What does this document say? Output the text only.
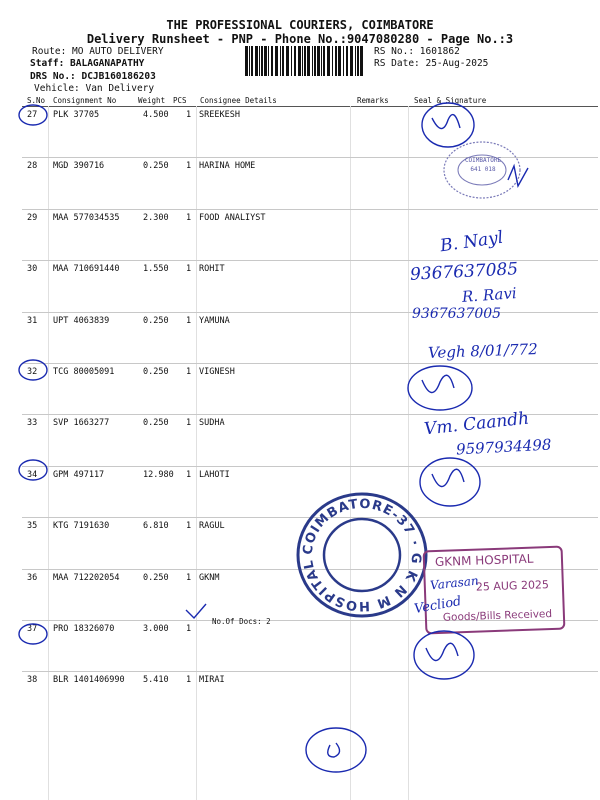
THE PROFESSIONAL COURIERS, COIMBATORE
Delivery Runsheet - PNP - Phone No.:9047080280 - Page No.:3
Route: MO AUTO DELIVERY
Staff: BALAGANAPATHY
DRS No.: DCJB160186203
Vehicle: Van Delivery
RS No.: 1601862
RS Date: 25-Aug-2025
S.No Consignment No	Weight PCS Consignee Details	Remarks	Seal & Signature
27 PLK 37705	4.500 1 SREEKESH
28 MGD 390716	0.250 1 HARINA HOME
29 MAA 577034535	2.300 1 FOOD ANALIYST
30 MAA 710691440	1.550 1 ROHIT
31 UPT 4063839	0.250 1 YAMUNA
32 TCG 80005091	0.250 1 VIGNESH
33 SVP 1663277	0.250 1 SUDHA
34 GPM 497117	12.980 1 LAHOTI
35 KTG 7191630	6.810 1 RAGUL
36 MAA 712202054	0.250 1 GKNM
37 PRO 18326070	3.000 1
38 BLR 1401406990 5.410 1 MIRAI
No.Of Docs: 2
COIMBATORE 641 018
COIMBATORE-37 · G K N M HOSPITAL	GKNM HOSPITAL
25 AUG 2025
Goods/Bills Received
B. Nayl
9367637085
R. Ravi
9367637005
Vegh 8/01/772
Vm. Caandh
9597934498
Varasan
Vecliod
